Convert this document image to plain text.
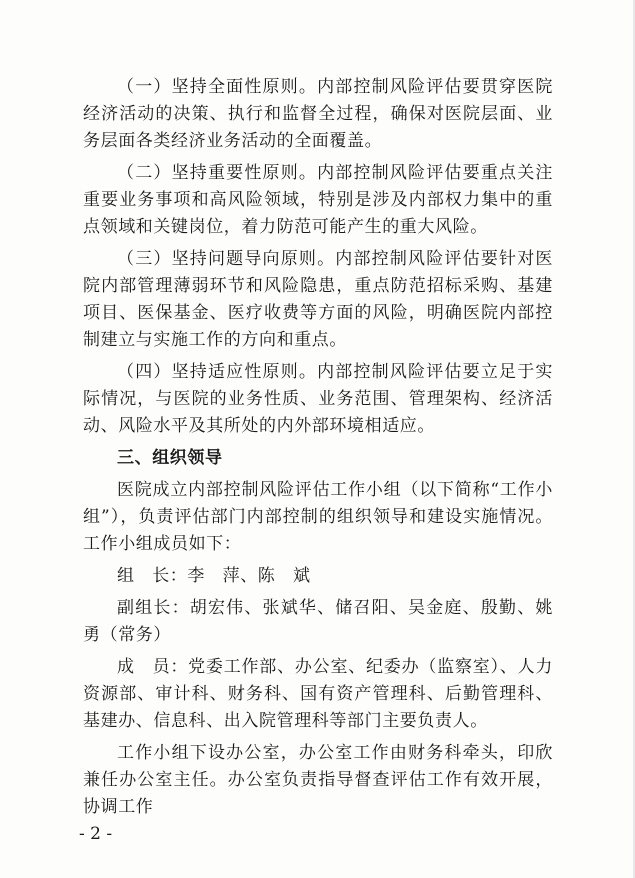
（一）坚持全面性原则。内部控制风险评估要贯穿医院经济活动的决策、执行和监督全过程，确保对医院层面、业务层面各类经济业务活动的全面覆盖。

（二）坚持重要性原则。内部控制风险评估要重点关注重要业务事项和高风险领域，特别是涉及内部权力集中的重点领域和关键岗位，着力防范可能产生的重大风险。

（三）坚持问题导向原则。内部控制风险评估要针对医院内部管理薄弱环节和风险隐患，重点防范招标采购、基建项目、医保基金、医疗收费等方面的风险，明确医院内部控制建立与实施工作的方向和重点。

（四）坚持适应性原则。内部控制风险评估要立足于实际情况，与医院的业务性质、业务范围、管理架构、经济活动、风险水平及其所处的内外部环境相适应。

三、组织领导

医院成立内部控制风险评估工作小组（以下简称“工作小组”），负责评估部门内部控制的组织领导和建设实施情况。工作小组成员如下：

组　长：李　萍、陈　斌

副组长：胡宏伟、张斌华、储召阳、吴金庭、殷勤、姚勇（常务）

成　员：党委工作部、办公室、纪委办（监察室）、人力资源部、审计科、财务科、国有资产管理科、后勤管理科、基建办、信息科、出入院管理科等部门主要负责人。

工作小组下设办公室，办公室工作由财务科牵头，印欣兼任办公室主任。办公室负责指导督查评估工作有效开展，协调工作

- 2 -
